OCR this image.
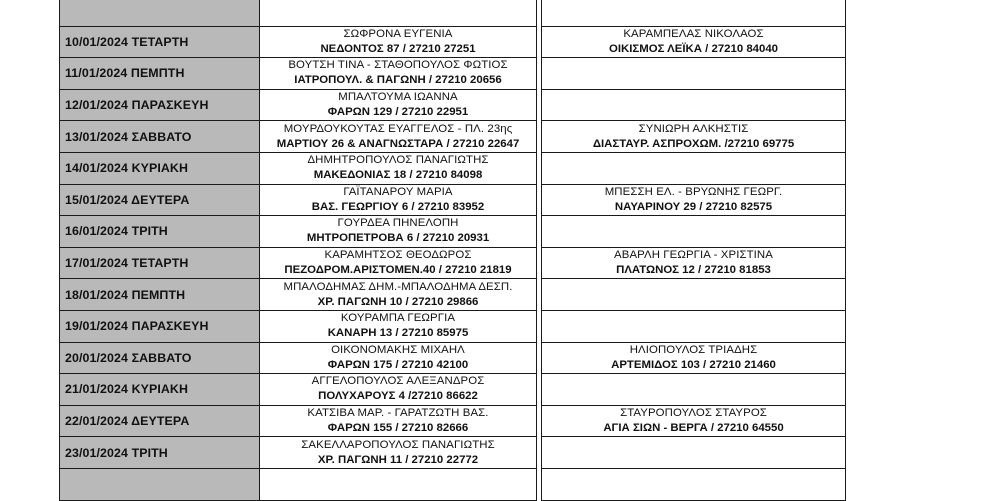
10/01/2024 ΤΕΤΑΡΤΗ	ΣΩΦΡΟΝΑ ΕΥΓΕΝΙΑ
ΝΕΔΟΝΤΟΣ 87 / 27210 27251		ΚΑΡΑΜΠΕΛΑΣ ΝΙΚΟΛΑΟΣ
ΟΙΚΙΣΜΟΣ ΛΕΪΚΑ / 27210 84040

11/01/2024 ΠΕΜΠΤΗ	ΒΟΥΤΣΗ ΤΙΝΑ - ΣΤΑΘΟΠΟΥΛΟΣ ΦΩΤΙΟΣ
ΙΑΤΡΟΠΟΥΛ. & ΠΑΓΩΝΗ / 27210 20656		

12/01/2024 ΠΑΡΑΣΚΕΥΗ	ΜΠΑΛΤΟΥΜΑ ΙΩΑΝΝΑ
ΦΑΡΩΝ 129 / 27210 22951		

13/01/2024 ΣΑΒΒΑΤΟ	ΜΟΥΡΔΟΥΚΟΥΤΑΣ ΕΥΑΓΓΕΛΟΣ - ΠΛ. 23ης
ΜΑΡΤΙΟΥ 26 & ΑΝΑΓΝΩΣΤΑΡΑ / 27210 22647		ΣΥΝΙΩΡΗ ΑΛΚΗΣΤΙΣ
ΔΙΑΣΤΑΥΡ. ΑΣΠΡΟΧΩΜ. /27210 69775

14/01/2024 ΚΥΡΙΑΚΗ	ΔΗΜΗΤΡΟΠΟΥΛΟΣ ΠΑΝΑΓΙΩΤΗΣ
ΜΑΚΕΔΟΝΙΑΣ 18 / 27210 84098		

15/01/2024 ΔΕΥΤΕΡΑ	ΓΑΪΤΑΝΑΡΟΥ ΜΑΡΙΑ
ΒΑΣ. ΓΕΩΡΓΙΟΥ 6 / 27210 83952		ΜΠΕΣΣΗ ΕΛ. - ΒΡΥΩΝΗΣ ΓΕΩΡΓ.
ΝΑΥΑΡΙΝΟΥ 29 / 27210 82575

16/01/2024 ΤΡΙΤΗ	ΓΟΥΡΔΕΑ ΠΗΝΕΛΟΠΗ
ΜΗΤΡΟΠΕΤΡΟΒΑ 6 / 27210 20931		

17/01/2024 ΤΕΤΑΡΤΗ	ΚΑΡΑΜΗΤΣΟΣ ΘΕΟΔΩΡΟΣ
ΠΕΖΟΔΡΟΜ.ΑΡΙΣΤΟΜΕΝ.40 / 27210 21819		ΑΒΑΡΛΗ ΓΕΩΡΓΙΑ - ΧΡΙΣΤΙΝΑ
ΠΛΑΤΩΝΟΣ 12 / 27210 81853

18/01/2024 ΠΕΜΠΤΗ	ΜΠΑΛΟΔΗΜΑΣ ΔΗΜ.-ΜΠΑΛΟΔΗΜΑ ΔΕΣΠ.
ΧΡ. ΠΑΓΩΝΗ 10 / 27210 29866		

19/01/2024 ΠΑΡΑΣΚΕΥΗ	ΚΟΥΡΑΜΠΑ ΓΕΩΡΓΙΑ
ΚΑΝΑΡΗ 13 / 27210 85975		

20/01/2024 ΣΑΒΒΑΤΟ	ΟΙΚΟΝΟΜΑΚΗΣ ΜΙΧΑΗΛ
ΦΑΡΩΝ 175 / 27210 42100		ΗΛΙΟΠΟΥΛΟΣ ΤΡΙΑΔΗΣ
ΑΡΤΕΜΙΔΟΣ 103 / 27210 21460

21/01/2024 ΚΥΡΙΑΚΗ	ΑΓΓΕΛΟΠΟΥΛΟΣ ΑΛΕΞΑΝΔΡΟΣ
ΠΟΛΥΧΑΡΟΥΣ 4 /27210 86622		

22/01/2024 ΔΕΥΤΕΡΑ	ΚΑΤΣΙΒΑ ΜΑΡ. - ΓΑΡΑΤΖΩΤΗ ΒΑΣ.
ΦΑΡΩΝ 155 / 27210 82666		ΣΤΑΥΡΟΠΟΥΛΟΣ ΣΤΑΥΡΟΣ
ΑΓΙΑ ΣΙΩΝ - ΒΕΡΓΑ / 27210 64550

23/01/2024 ΤΡΙΤΗ	ΣΑΚΕΛΛΑΡΟΠΟΥΛΟΣ ΠΑΝΑΓΙΩΤΗΣ
ΧΡ. ΠΑΓΩΝΗ 11 / 27210 22772		
